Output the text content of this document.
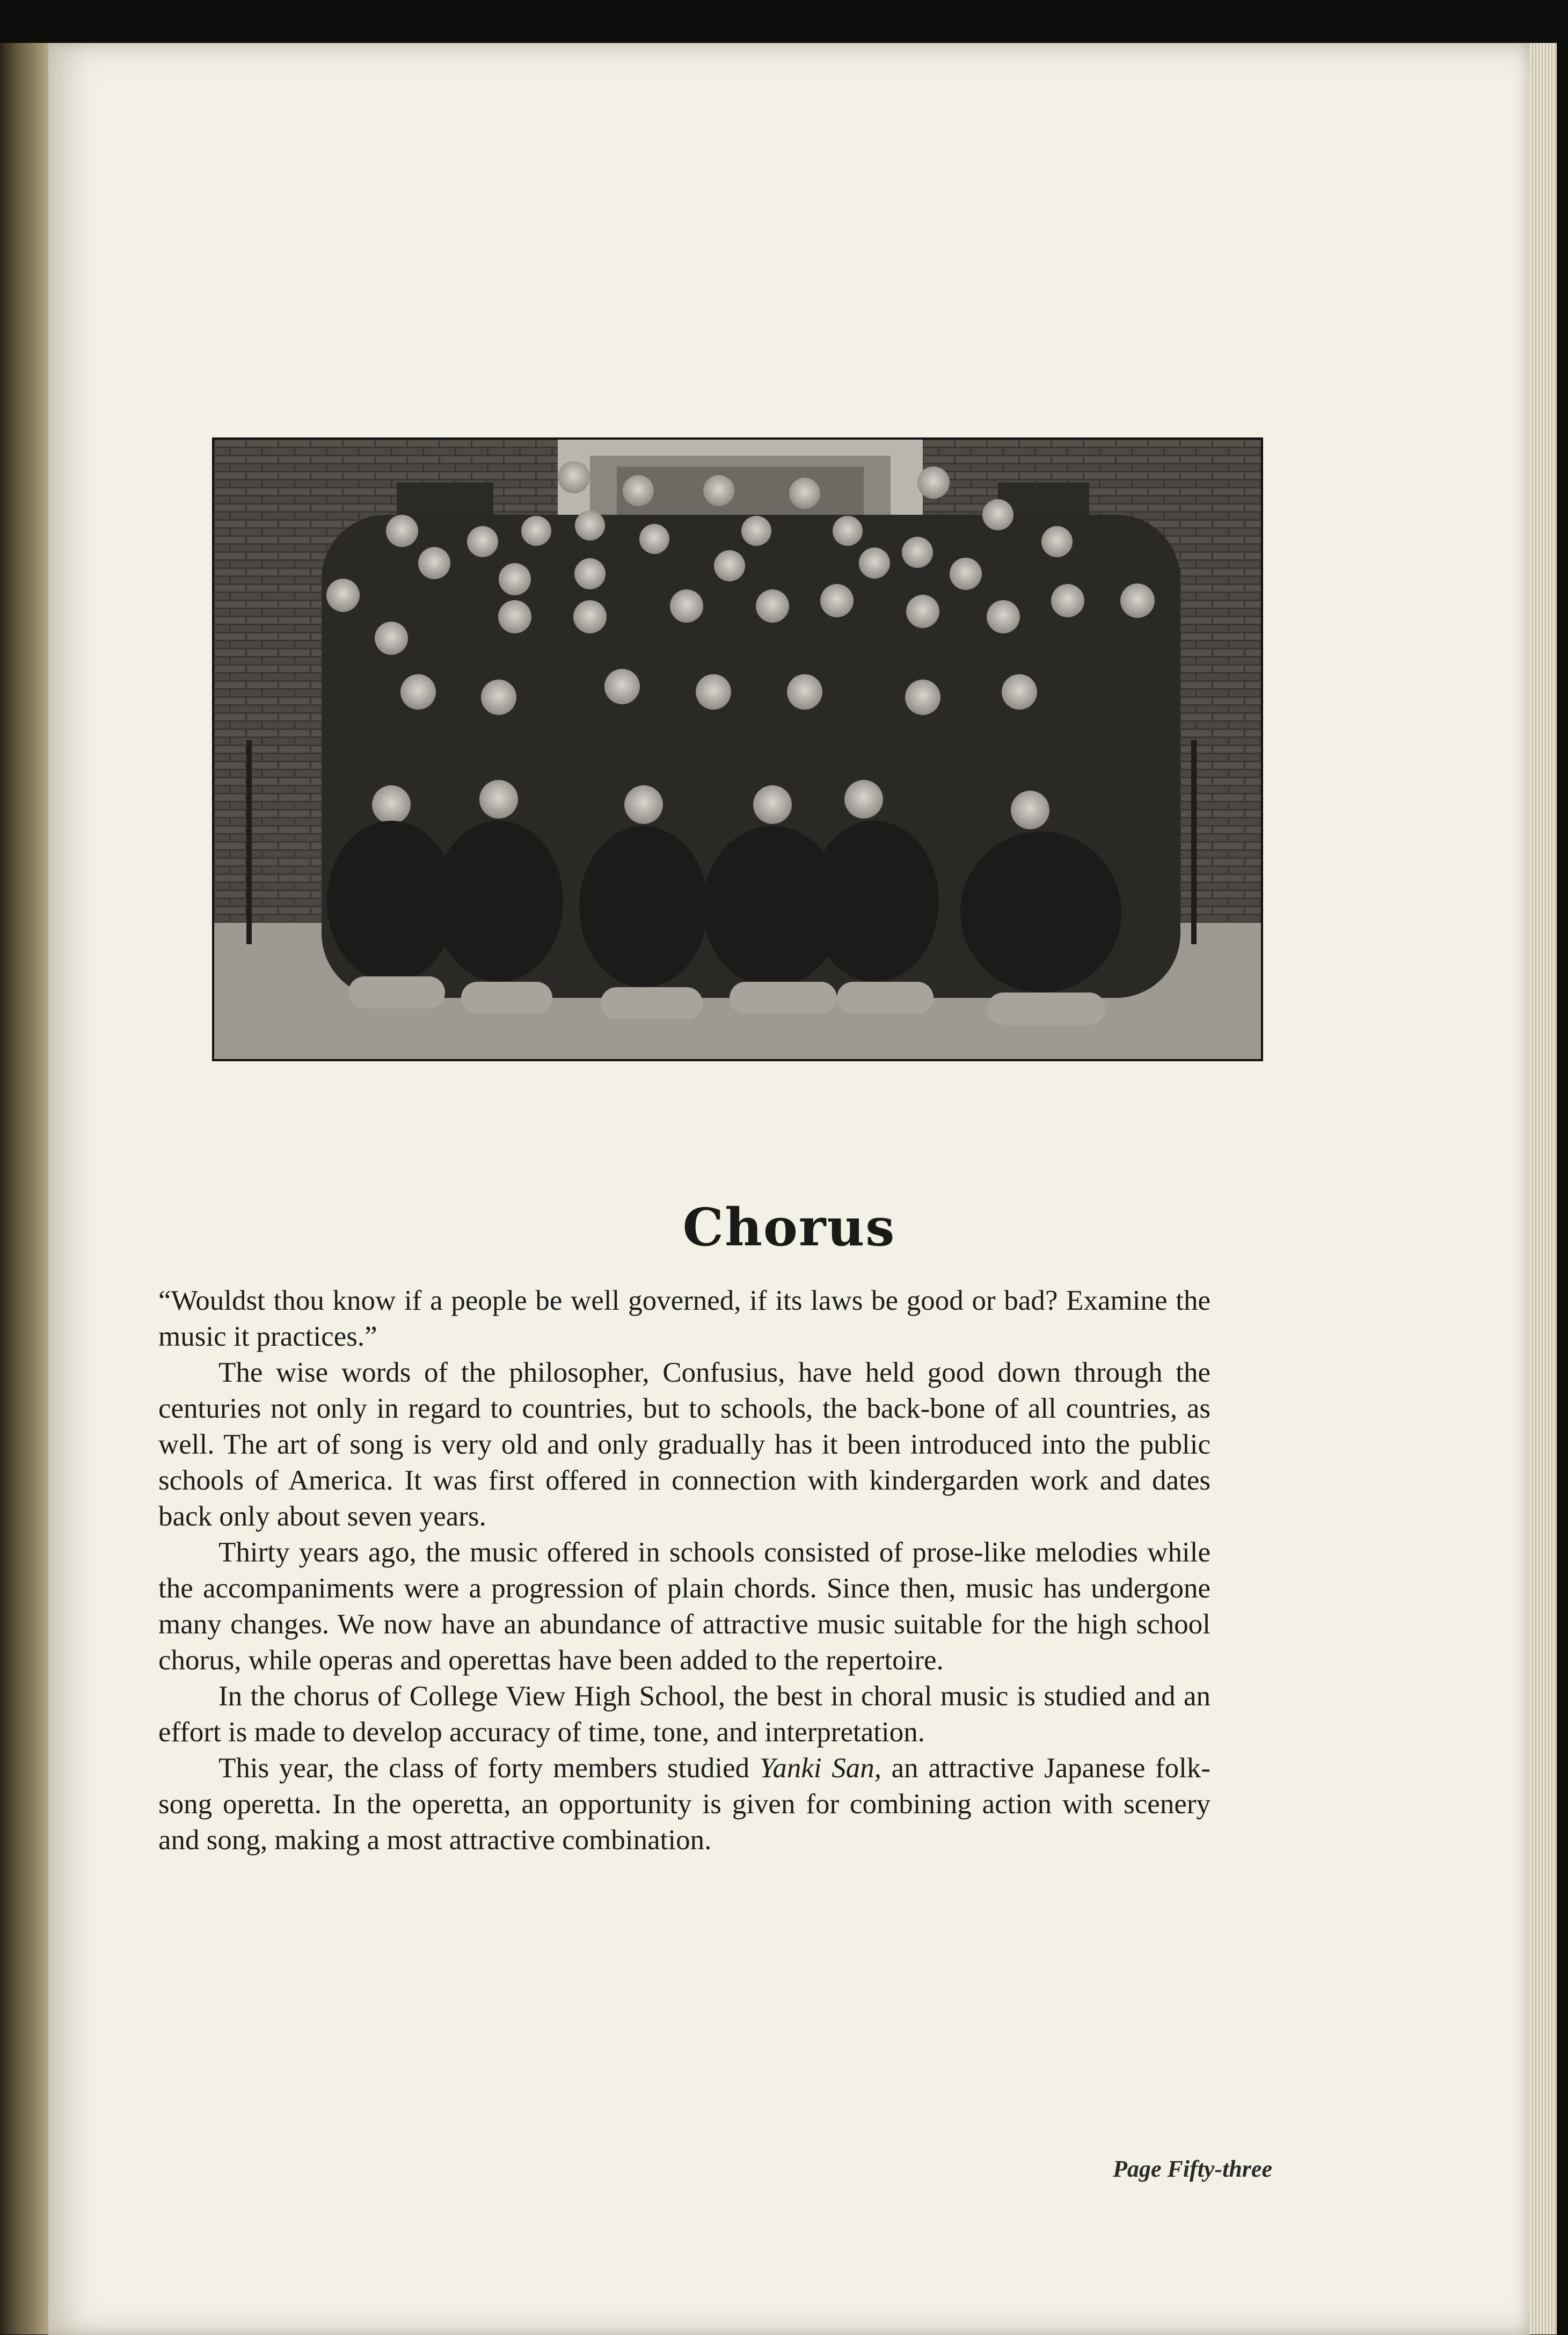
Chorus

“Wouldst thou know if a people be well governed, if its laws be good or bad? Examine the music it practices.”

The wise words of the philosopher, Confusius, have held good down through the centuries not only in regard to countries, but to schools, the back-bone of all countries, as well. The art of song is very old and only gradually has it been introduced into the public schools of America. It was first offered in connection with kindergarden work and dates back only about seven years.

Thirty years ago, the music offered in schools consisted of prose-like melodies while the accompaniments were a progression of plain chords. Since then, music has undergone many changes. We now have an abundance of attractive music suitable for the high school chorus, while operas and operettas have been added to the repertoire.

In the chorus of College View High School, the best in choral music is studied and an effort is made to develop accuracy of time, tone, and interpretation.

This year, the class of forty members studied Yanki San, an attractive Japanese folk-song operetta. In the operetta, an opportunity is given for combining action with scenery and song, making a most attractive combination.

Page Fifty-three
